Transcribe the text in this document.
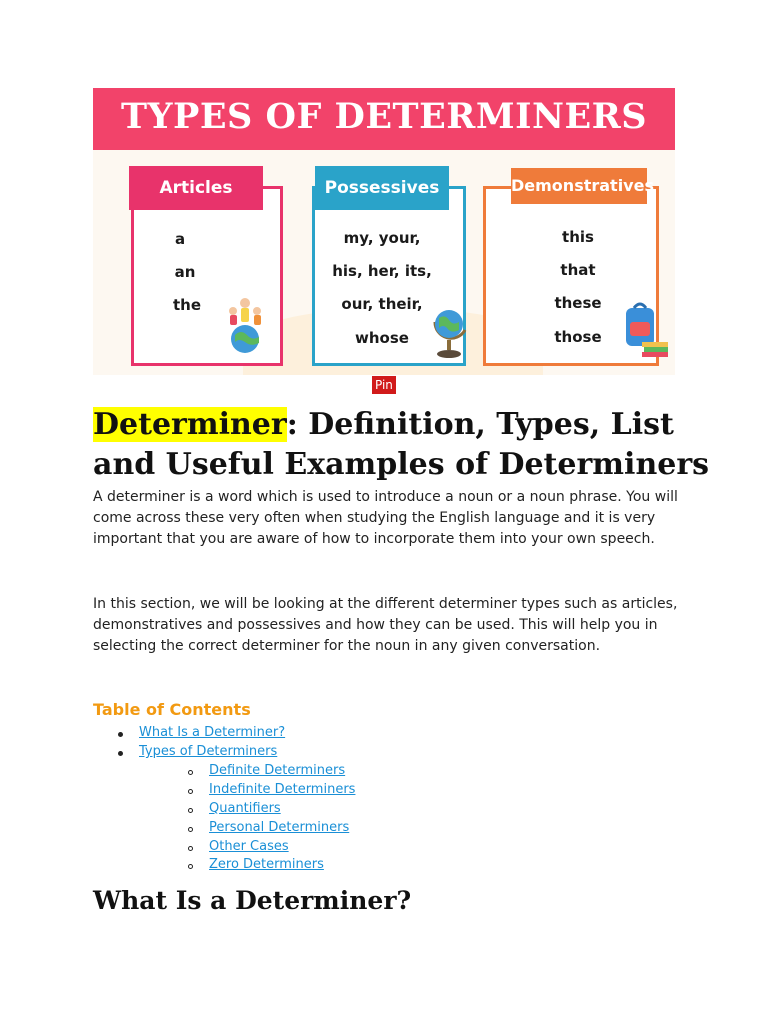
TYPES OF DETERMINERS
Articles
a
an
the
Possessives
my, your,
his, her, its,
our, their,
whose
Demonstratives
this
that
these
those
Pin
Determiner: Definition, Types, List and Useful Examples of Determiners

A determiner is a word which is used to introduce a noun or a noun phrase. You will come across these very often when studying the English language and it is very important that you are aware of how to incorporate them into your own speech.

In this section, we will be looking at the different determiner types such as articles, demonstratives and possessives and how they can be used. This will help you in selecting the correct determiner for the noun in any given conversation.

Table of Contents
What Is a Determiner?
Types of Determiners
Definite Determiners
Indefinite Determiners
Quantifiers
Personal Determiners
Other Cases
Zero Determiners
What Is a Determiner?
